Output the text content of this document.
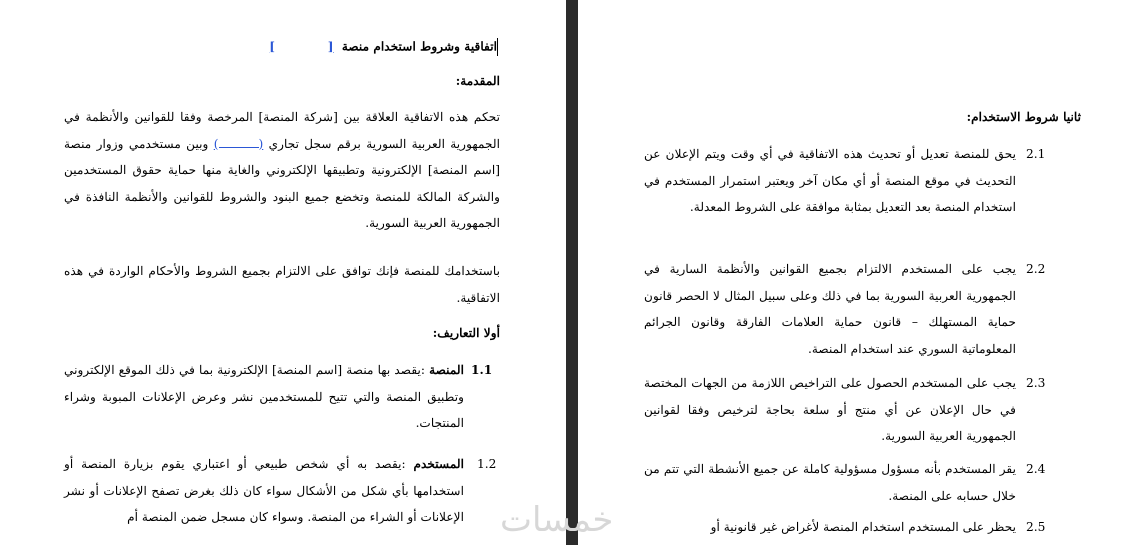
اتفاقية وشروط استخدام منصة [  ]
المقدمة:
تحكم هذه الاتفاقية العلاقة بين [شركة المنصة] المرخصة وفقا للقوانين والأنظمة في الجمهورية العربية السورية برقم سجل تجاري () وبين مستخدمي وزوار منصة [اسم المنصة] الإلكترونية وتطبيقها الإلكتروني والغاية منها حماية حقوق المستخدمين والشركة المالكة للمنصة وتخضع جميع البنود والشروط للقوانين والأنظمة النافذة في الجمهورية العربية السورية.
باستخدامك للمنصة فإنك توافق على الالتزام بجميع الشروط والأحكام الواردة في هذه الاتفاقية.
أولا التعاريف:
1.1
المنصة :يقصد بها منصة [اسم المنصة] الإلكترونية بما في ذلك الموقع الإلكتروني وتطبيق المنصة والتي تتيح للمستخدمين نشر وعرض الإعلانات المبوبة وشراء المنتجات.
1.2
المستخدم :يقصد به أي شخص طبيعي أو اعتباري يقوم بزيارة المنصة أو استخدامها بأي شكل من الأشكال سواء كان ذلك بغرض تصفح الإعلانات أو نشر الإعلانات أو الشراء من المنصة. وسواء كان مسجل ضمن المنصة أم
ثانيا شروط الاستخدام:
2.1
يحق للمنصة تعديل أو تحديث هذه الاتفاقية في أي وقت ويتم الإعلان عن التحديث في موقع المنصة أو أي مكان آخر ويعتبر استمرار المستخدم في استخدام المنصة بعد التعديل بمثابة موافقة على الشروط المعدلة.
2.2
يجب على المستخدم الالتزام بجميع القوانين والأنظمة السارية في الجمهورية العربية السورية بما في ذلك وعلى سبيل المثال لا الحصر قانون حماية المستهلك – قانون حماية العلامات الفارقة وقانون الجرائم المعلوماتية السوري عند استخدام المنصة.
2.3
يجب على المستخدم الحصول على التراخيص اللازمة من الجهات المختصة في حال الإعلان عن أي منتج أو سلعة بحاجة لترخيص وفقا لقوانين الجمهورية العربية السورية.
2.4
يقر المستخدم بأنه مسؤول مسؤولية كاملة عن جميع الأنشطة التي تتم من خلال حسابه على المنصة.
2.5
يحظر على المستخدم استخدام المنصة لأغراض غير قانونية أو
خمسات
